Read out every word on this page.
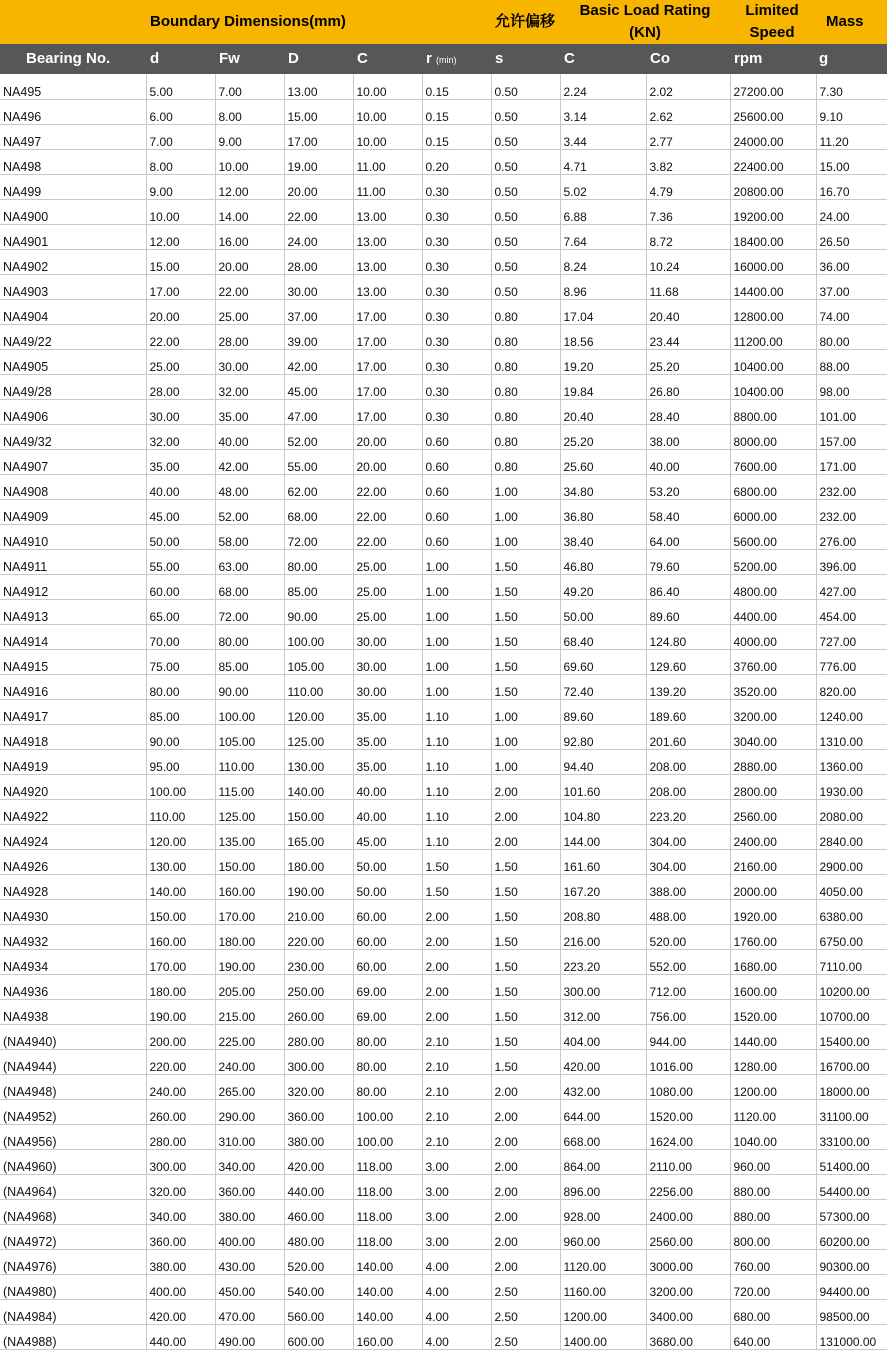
Boundary Dimensions(mm)	允许偏移
Basic Load Rating
(KN)
Limited
Speed
Mass
Bearing No.	d	Fw	D	C	r (min)	s	C	Co	rpm	g
NA495	5.00	7.00	13.00	10.00	0.15	0.50	2.24	2.02	27200.00	7.30
NA496	6.00	8.00	15.00	10.00	0.15	0.50	3.14	2.62	25600.00	9.10
NA497	7.00	9.00	17.00	10.00	0.15	0.50	3.44	2.77	24000.00	11.20
NA498	8.00	10.00	19.00	11.00	0.20	0.50	4.71	3.82	22400.00	15.00
NA499	9.00	12.00	20.00	11.00	0.30	0.50	5.02	4.79	20800.00	16.70
NA4900	10.00	14.00	22.00	13.00	0.30	0.50	6.88	7.36	19200.00	24.00
NA4901	12.00	16.00	24.00	13.00	0.30	0.50	7.64	8.72	18400.00	26.50
NA4902	15.00	20.00	28.00	13.00	0.30	0.50	8.24	10.24	16000.00	36.00
NA4903	17.00	22.00	30.00	13.00	0.30	0.50	8.96	11.68	14400.00	37.00
NA4904	20.00	25.00	37.00	17.00	0.30	0.80	17.04	20.40	12800.00	74.00
NA49/22	22.00	28.00	39.00	17.00	0.30	0.80	18.56	23.44	11200.00	80.00
NA4905	25.00	30.00	42.00	17.00	0.30	0.80	19.20	25.20	10400.00	88.00
NA49/28	28.00	32.00	45.00	17.00	0.30	0.80	19.84	26.80	10400.00	98.00
NA4906	30.00	35.00	47.00	17.00	0.30	0.80	20.40	28.40	8800.00	101.00
NA49/32	32.00	40.00	52.00	20.00	0.60	0.80	25.20	38.00	8000.00	157.00
NA4907	35.00	42.00	55.00	20.00	0.60	0.80	25.60	40.00	7600.00	171.00
NA4908	40.00	48.00	62.00	22.00	0.60	1.00	34.80	53.20	6800.00	232.00
NA4909	45.00	52.00	68.00	22.00	0.60	1.00	36.80	58.40	6000.00	232.00
NA4910	50.00	58.00	72.00	22.00	0.60	1.00	38.40	64.00	5600.00	276.00
NA4911	55.00	63.00	80.00	25.00	1.00	1.50	46.80	79.60	5200.00	396.00
NA4912	60.00	68.00	85.00	25.00	1.00	1.50	49.20	86.40	4800.00	427.00
NA4913	65.00	72.00	90.00	25.00	1.00	1.50	50.00	89.60	4400.00	454.00
NA4914	70.00	80.00	100.00	30.00	1.00	1.50	68.40	124.80	4000.00	727.00
NA4915	75.00	85.00	105.00	30.00	1.00	1.50	69.60	129.60	3760.00	776.00
NA4916	80.00	90.00	110.00	30.00	1.00	1.50	72.40	139.20	3520.00	820.00
NA4917	85.00	100.00	120.00	35.00	1.10	1.00	89.60	189.60	3200.00	1240.00
NA4918	90.00	105.00	125.00	35.00	1.10	1.00	92.80	201.60	3040.00	1310.00
NA4919	95.00	110.00	130.00	35.00	1.10	1.00	94.40	208.00	2880.00	1360.00
NA4920	100.00	115.00	140.00	40.00	1.10	2.00	101.60	208.00	2800.00	1930.00
NA4922	110.00	125.00	150.00	40.00	1.10	2.00	104.80	223.20	2560.00	2080.00
NA4924	120.00	135.00	165.00	45.00	1.10	2.00	144.00	304.00	2400.00	2840.00
NA4926	130.00	150.00	180.00	50.00	1.50	1.50	161.60	304.00	2160.00	2900.00
NA4928	140.00	160.00	190.00	50.00	1.50	1.50	167.20	388.00	2000.00	4050.00
NA4930	150.00	170.00	210.00	60.00	2.00	1.50	208.80	488.00	1920.00	6380.00
NA4932	160.00	180.00	220.00	60.00	2.00	1.50	216.00	520.00	1760.00	6750.00
NA4934	170.00	190.00	230.00	60.00	2.00	1.50	223.20	552.00	1680.00	7110.00
NA4936	180.00	205.00	250.00	69.00	2.00	1.50	300.00	712.00	1600.00	10200.00
NA4938	190.00	215.00	260.00	69.00	2.00	1.50	312.00	756.00	1520.00	10700.00
(NA4940)	200.00	225.00	280.00	80.00	2.10	1.50	404.00	944.00	1440.00	15400.00
(NA4944)	220.00	240.00	300.00	80.00	2.10	1.50	420.00	1016.00	1280.00	16700.00
(NA4948)	240.00	265.00	320.00	80.00	2.10	2.00	432.00	1080.00	1200.00	18000.00
(NA4952)	260.00	290.00	360.00	100.00	2.10	2.00	644.00	1520.00	1120.00	31100.00
(NA4956)	280.00	310.00	380.00	100.00	2.10	2.00	668.00	1624.00	1040.00	33100.00
(NA4960)	300.00	340.00	420.00	118.00	3.00	2.00	864.00	2110.00	960.00	51400.00
(NA4964)	320.00	360.00	440.00	118.00	3.00	2.00	896.00	2256.00	880.00	54400.00
(NA4968)	340.00	380.00	460.00	118.00	3.00	2.00	928.00	2400.00	880.00	57300.00
(NA4972)	360.00	400.00	480.00	118.00	3.00	2.00	960.00	2560.00	800.00	60200.00
(NA4976)	380.00	430.00	520.00	140.00	4.00	2.00	1120.00	3000.00	760.00	90300.00
(NA4980)	400.00	450.00	540.00	140.00	4.00	2.50	1160.00	3200.00	720.00	94400.00
(NA4984)	420.00	470.00	560.00	140.00	4.00	2.50	1200.00	3400.00	680.00	98500.00
(NA4988)	440.00	490.00	600.00	160.00	4.00	2.50	1400.00	3680.00	640.00	131000.00
